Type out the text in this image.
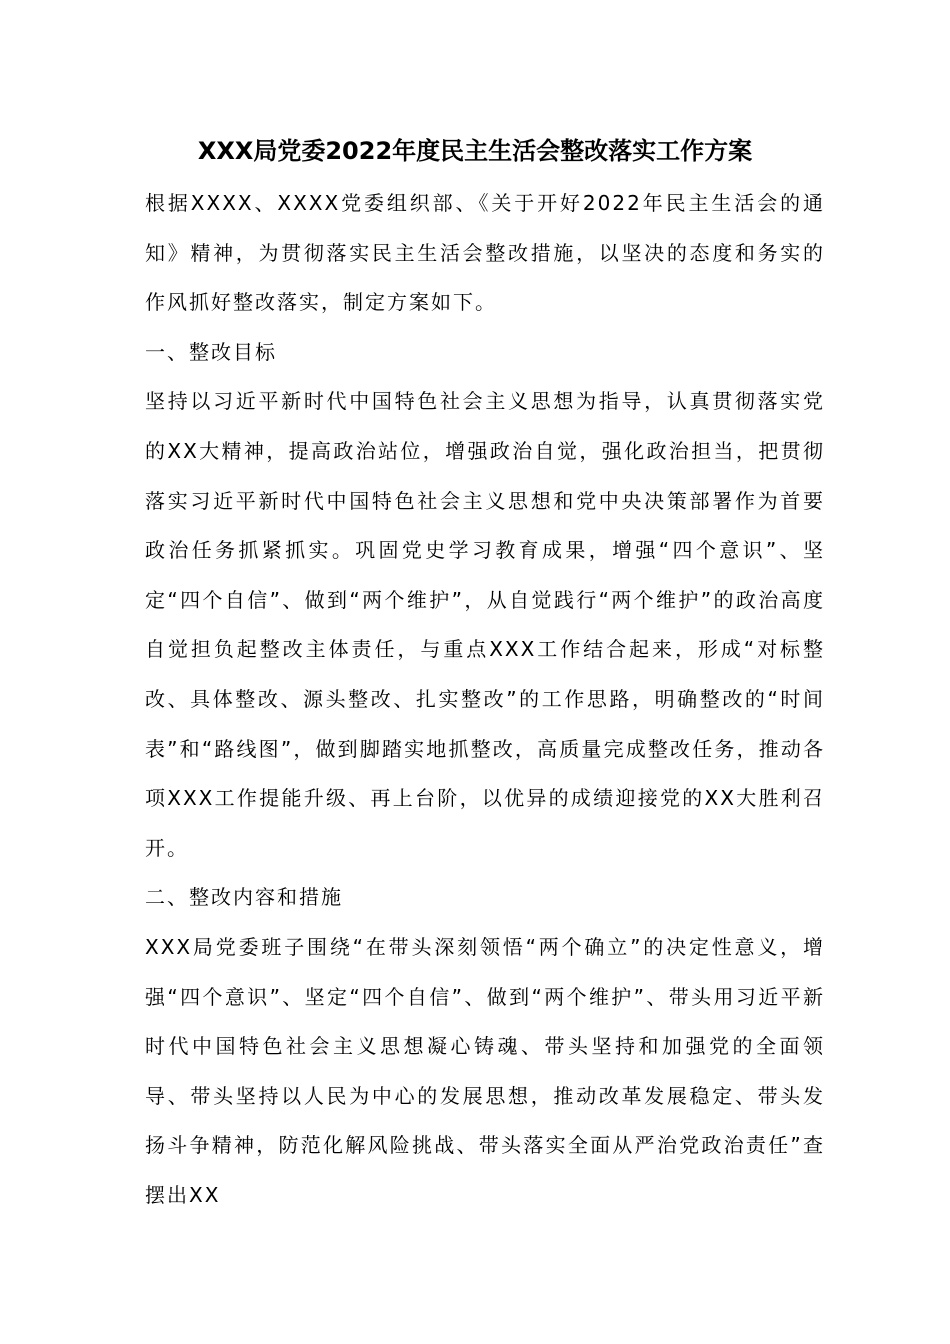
XXX局党委2022年度民主生活会整改落实工作方案

根据XXXX、XXXX党委组织部、《关于开好2022年民主生活会的通知》精神，为贯彻落实民主生活会整改措施，以坚决的态度和务实的作风抓好整改落实，制定方案如下。

一、整改目标

坚持以习近平新时代中国特色社会主义思想为指导，认真贯彻落实党的XX大精神，提高政治站位，增强政治自觉，强化政治担当，把贯彻落实习近平新时代中国特色社会主义思想和党中央决策部署作为首要政治任务抓紧抓实。巩固党史学习教育成果，增强“四个意识”、坚定“四个自信”、做到“两个维护”，从自觉践行“两个维护”的政治高度自觉担负起整改主体责任，与重点XXX工作结合起来，形成“对标整改、具体整改、源头整改、扎实整改”的工作思路，明确整改的“时间表”和“路线图”，做到脚踏实地抓整改，高质量完成整改任务，推动各项XXX工作提能升级、再上台阶，以优异的成绩迎接党的XX大胜利召开。

二、整改内容和措施

XXX局党委班子围绕“在带头深刻领悟“两个确立”的决定性意义，增强“四个意识”、坚定“四个自信”、做到“两个维护”、带头用习近平新时代中国特色社会主义思想凝心铸魂、带头坚持和加强党的全面领导、带头坚持以人民为中心的发展思想，推动改革发展稳定、带头发扬斗争精神，防范化解风险挑战、带头落实全面从严治党政治责任”查摆出XX
